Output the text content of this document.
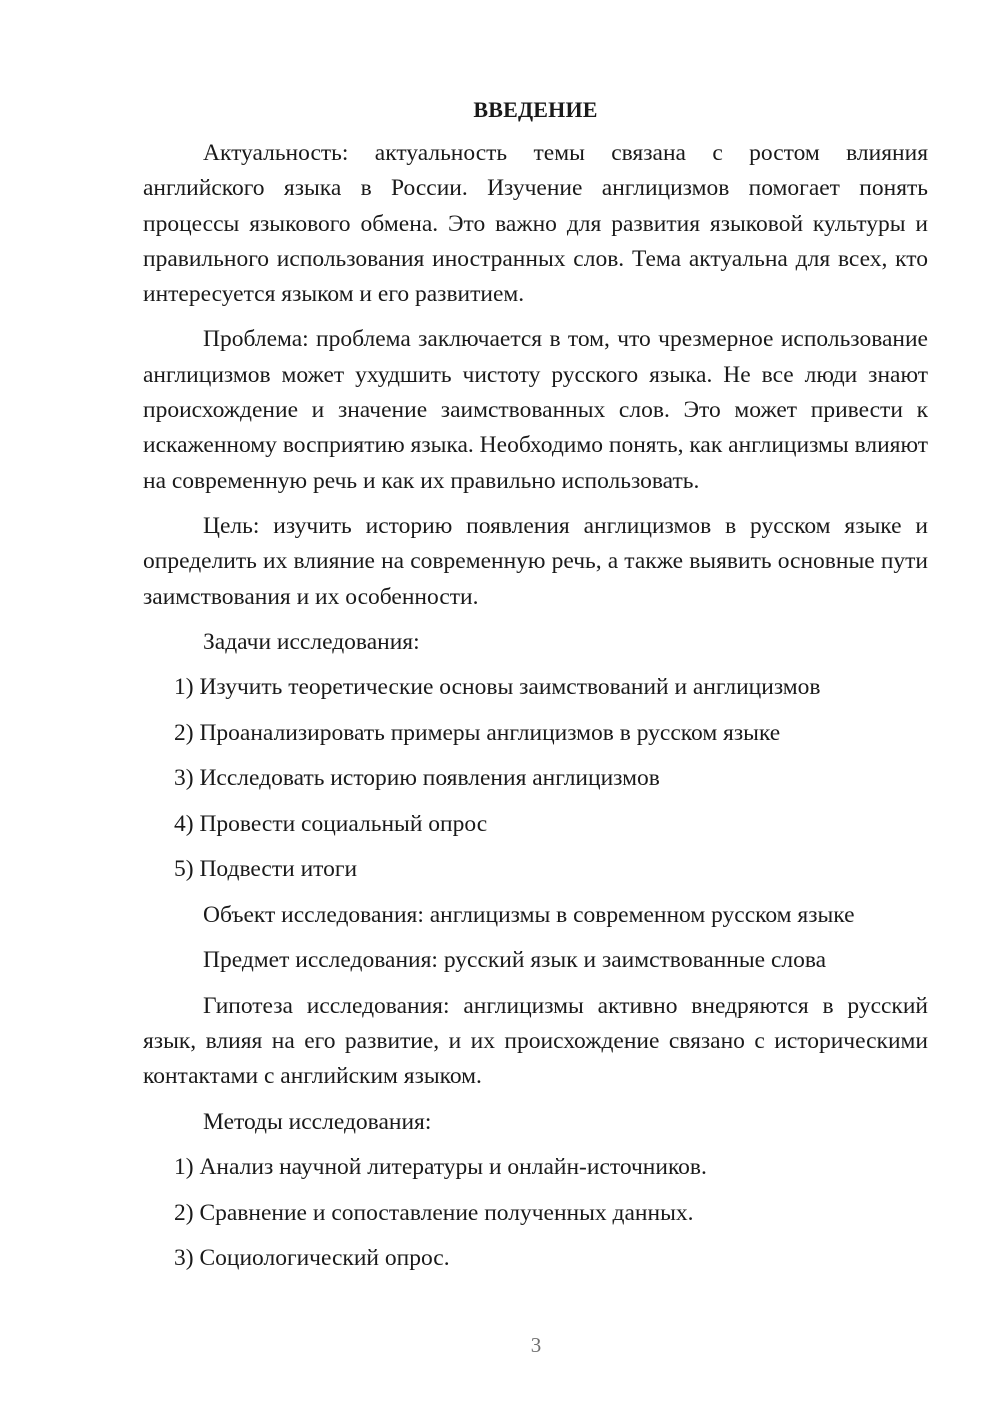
ВВЕДЕНИЕ

Актуальность: актуальность темы связана с ростом влияния английского языка в России. Изучение англицизмов помогает понять процессы языкового обмена. Это важно для развития языковой культуры и правильного использования иностранных слов. Тема актуальна для всех, кто интересуется языком и его развитием.

Проблема: проблема заключается в том, что чрезмерное использование англицизмов может ухудшить чистоту русского языка. Не все люди знают происхождение и значение заимствованных слов. Это может привести к искаженному восприятию языка. Необходимо понять, как англицизмы влияют на современную речь и как их правильно использовать.

Цель: изучить историю появления англицизмов в русском языке и определить их влияние на современную речь, а также выявить основные пути заимствования и их особенности.

Задачи исследования:
1) Изучить теоретические основы заимствований и англицизмов
2) Проанализировать примеры англицизмов в русском языке
3) Исследовать историю появления англицизмов
4) Провести социальный опрос
5) Подвести итоги
Объект исследования: англицизмы в современном русском языке
Предмет исследования: русский язык и заимствованные слова

Гипотеза исследования: англицизмы активно внедряются в русский язык, влияя на его развитие, и их происхождение связано с историческими контактами с английским языком.

Методы исследования:
1) Анализ научной литературы и онлайн-источников.
2) Сравнение и сопоставление полученных данных.
3) Социологический опрос.
3
